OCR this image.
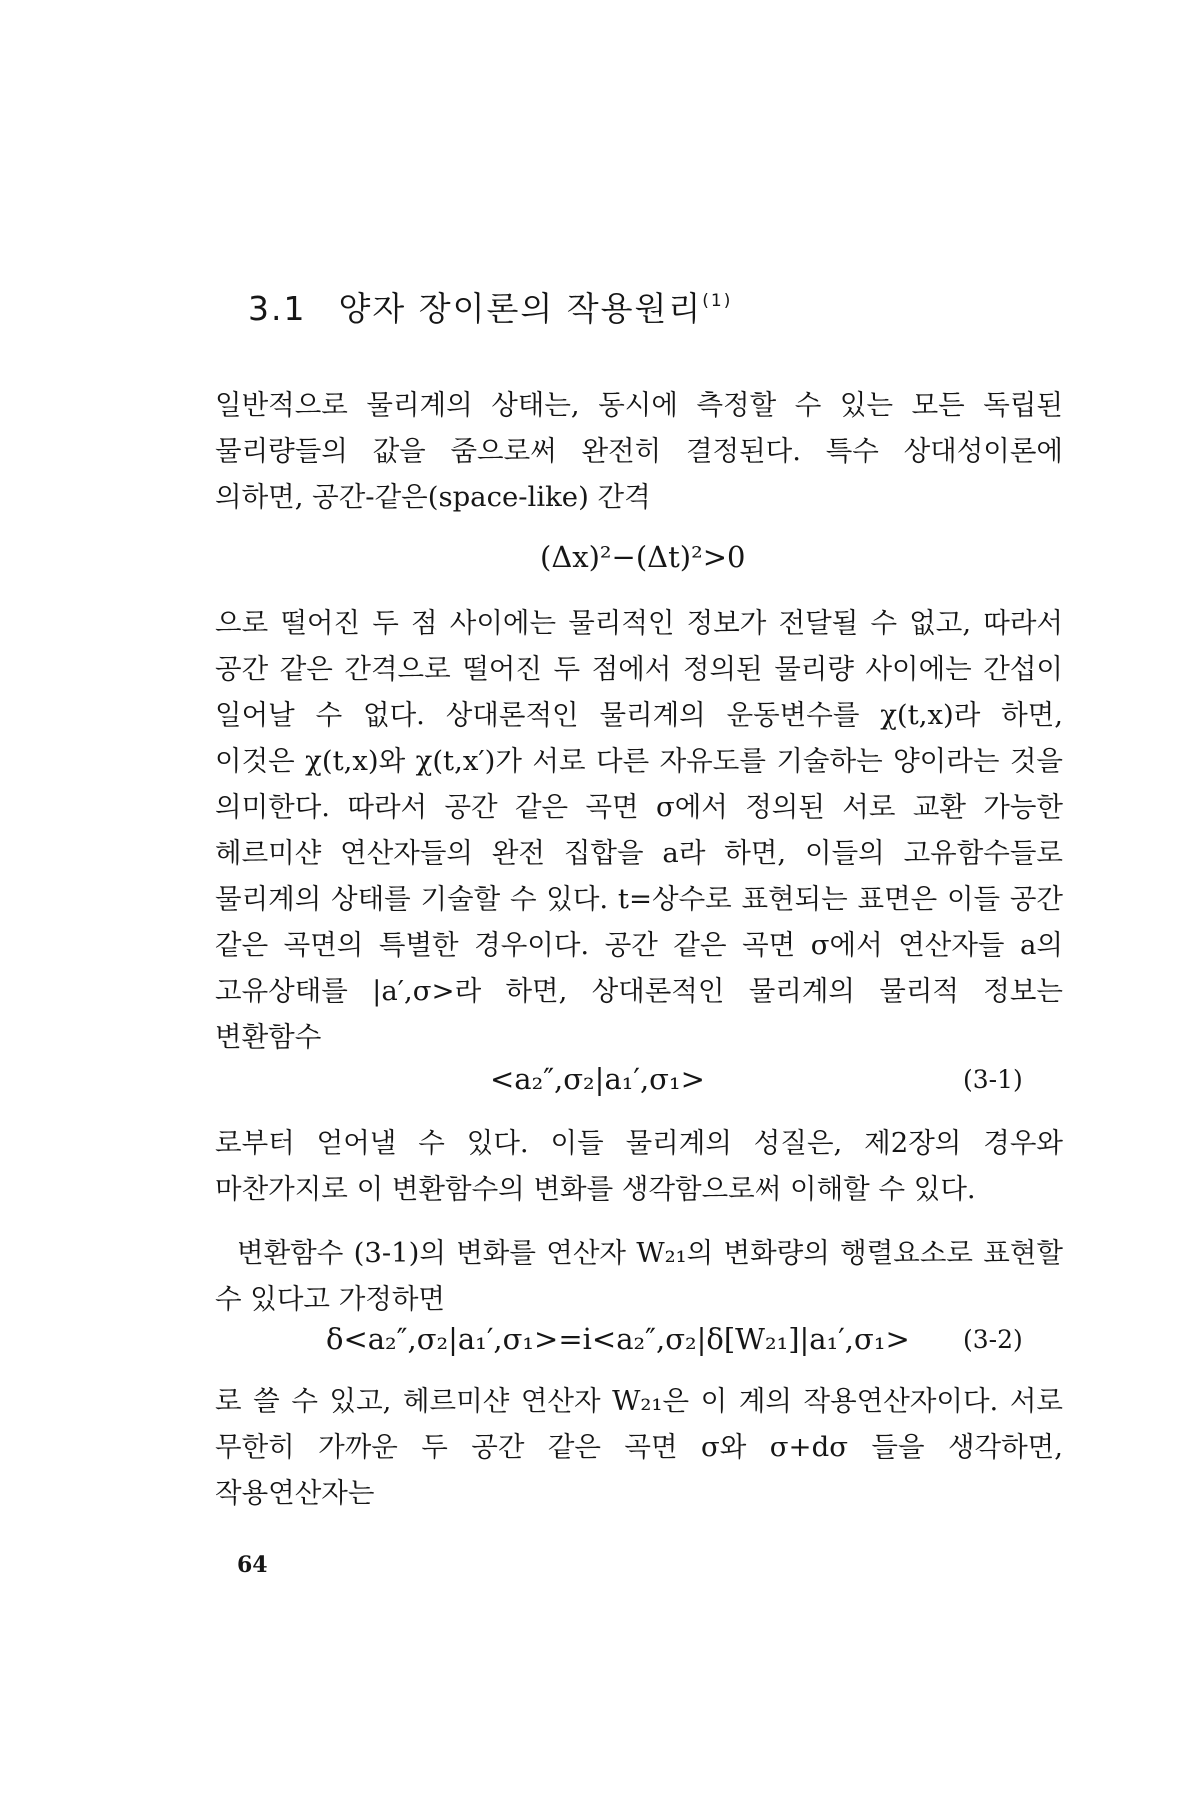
3.1 양자 장이론의 작용원리$^{(1)}$

일반적으로 물리계의 상태는, 동시에 측정할 수 있는 모든 독립된 물리량들의 값을 줌으로써 완전히 결정된다. 특수 상대성이론에 의하면, 공간-같은(space-like) 간격

(Δx)²−(Δt)²>0

으로 떨어진 두 점 사이에는 물리적인 정보가 전달될 수 없고, 따라서 공간 같은 간격으로 떨어진 두 점에서 정의된 물리량 사이에는 간섭이 일어날 수 없다. 상대론적인 물리계의 운동변수를 χ(t,x)라 하면, 이것은 χ(t,x)와 χ(t,x′)가 서로 다른 자유도를 기술하는 양이라는 것을 의미한다. 따라서 공간 같은 곡면 σ에서 정의된 서로 교환 가능한 헤르미샨 연산자들의 완전 집합을 a라 하면, 이들의 고유함수들로 물리계의 상태를 기술할 수 있다. t=상수로 표현되는 표면은 이들 공간 같은 곡면의 특별한 경우이다. 공간 같은 곡면 σ에서 연산자들 a의 고유상태를 |a′,σ>라 하면, 상대론적인 물리계의 물리적 정보는 변환함수

<a₂″,σ₂|a₁′,σ₁>	(3-1)

로부터 얻어낼 수 있다. 이들 물리계의 성질은, 제2장의 경우와 마찬가지로 이 변환함수의 변화를 생각함으로써 이해할 수 있다.

변환함수 (3-1)의 변화를 연산자 W₂₁의 변화량의 행렬요소로 표현할 수 있다고 가정하면

δ<a₂″,σ₂|a₁′,σ₁>=i<a₂″,σ₂|δ[W₂₁]|a₁′,σ₁> (3-2)

로 쓸 수 있고, 헤르미샨 연산자 W₂₁은 이 계의 작용연산자이다. 서로 무한히 가까운 두 공간 같은 곡면 σ와 σ+dσ 들을 생각하면, 작용연산자는

64
